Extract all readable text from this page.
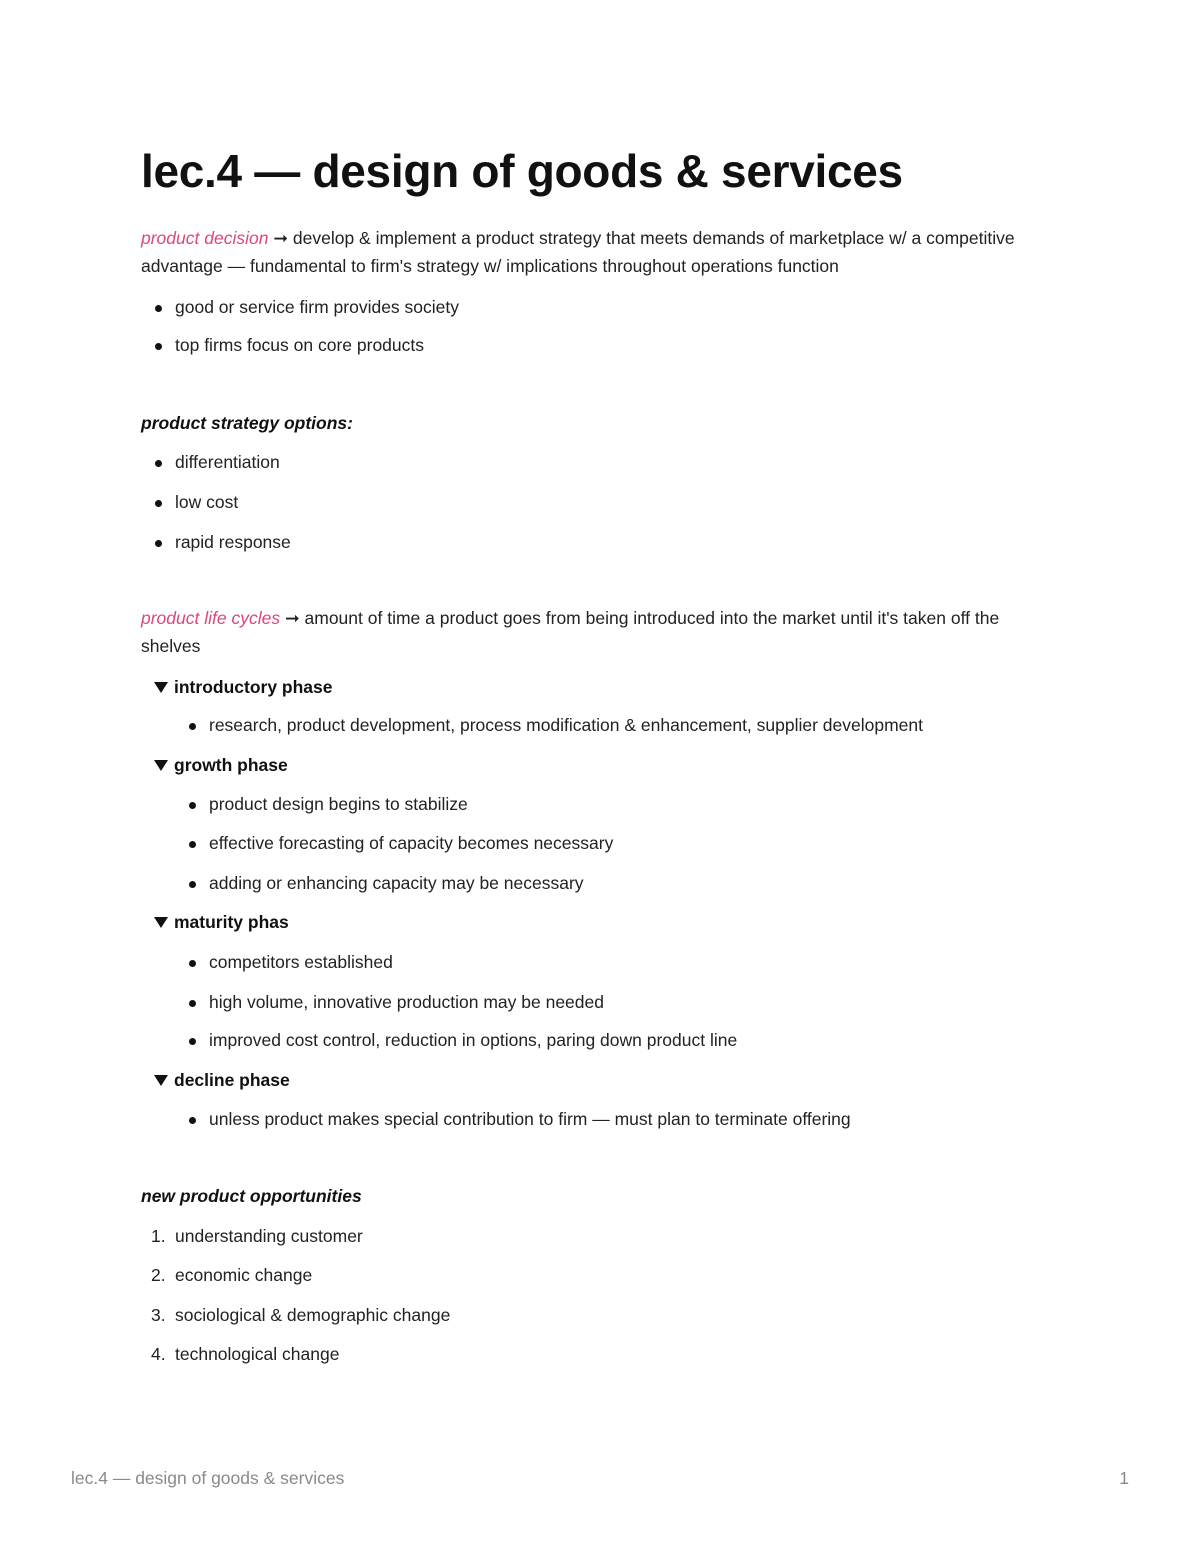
lec.4 — design of goods & services

product decision ➞ develop & implement a product strategy that meets demands of marketplace w/ a competitive advantage — fundamental to firm's strategy w/ implications throughout operations function

good or service firm provides society
top firms focus on core products

product strategy options:

differentiation
low cost
rapid response

product life cycles ➞ amount of time a product goes from being introduced into the market until it's taken off the shelves

introductory phase
research, product development, process modification & enhancement, supplier development
growth phase
product design begins to stabilize
effective forecasting of capacity becomes necessary
adding or enhancing capacity may be necessary
maturity phas
competitors established
high volume, innovative production may be needed
improved cost control, reduction in options, paring down product line
decline phase
unless product makes special contribution to firm — must plan to terminate offering

new product opportunities

1. understanding customer
2. economic change
3. sociological & demographic change
4. technological change
lec.4 — design of goods & services	1
